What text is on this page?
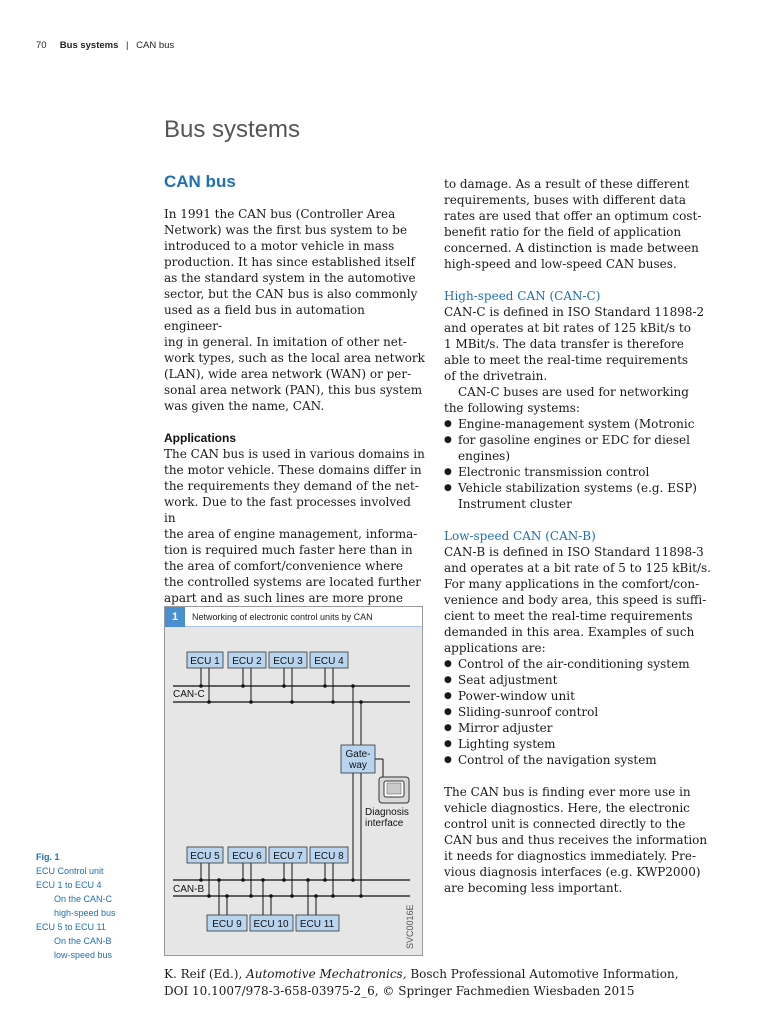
70 Bus systems | CAN bus
Bus systems
CAN bus

In 1991 the CAN bus (Controller Area

Network) was the first bus system to be

introduced to a motor vehicle in mass

production. It has since established itself

as the standard system in the automotive

sector, but the CAN bus is also commonly

used as a field bus in automation engineer-

ing in general. In imitation of other net-

work types, such as the local area network

(LAN), wide area network (WAN) or per-

sonal area network (PAN), this bus system

was given the name, CAN.

Applications

The CAN bus is used in various domains in

the motor vehicle. These domains differ in

the requirements they demand of the net-

work. Due to the fast processes involved in

the area of engine management, informa-

tion is required much faster here than in

the area of comfort/convenience where

the controlled systems are located further

apart and as such lines are more prone

to damage. As a result of these different

requirements, buses with different data

rates are used that offer an optimum cost-

benefit ratio for the field of application

concerned. A distinction is made between

high-speed and low-speed CAN buses.

High-speed CAN (CAN-C)

CAN-C is defined in ISO Standard 11898-2

and operates at bit rates of 125 kBit/s to

1 MBit/s. The data transfer is therefore

able to meet the real-time requirements

of the drivetrain.

CAN-C buses are used for networking

the following systems:

● Engine-management system (Motronic
● for gasoline engines or EDC for diesel
engines)
● Electronic transmission control
● Vehicle stabilization systems (e.g. ESP)
Instrument cluster
Low-speed CAN (CAN-B)

CAN-B is defined in ISO Standard 11898-3

and operates at a bit rate of 5 to 125 kBit/s.

For many applications in the comfort/con-

venience and body area, this speed is suffi-

cient to meet the real-time requirements

demanded in this area. Examples of such

applications are:

● Control of the air-conditioning system
● Seat adjustment
● Power-window unit
● Sliding-sunroof control
● Mirror adjuster
● Lighting system
● Control of the navigation system

The CAN bus is finding ever more use in

vehicle diagnostics. Here, the electronic

control unit is connected directly to the

CAN bus and thus receives the information

it needs for diagnostics immediately. Pre-

vious diagnosis interfaces (e.g. KWP2000)

are becoming less important.

ECU 1 ECU 2 ECU 3 ECU 4
CAN-C
Gate-
way
Diagnosis
interface
ECU 5 ECU 6 ECU 7 ECU 8
CAN-B
ECU 9 ECU 10 ECU 11	SVC0016E
1	Networking of electronic control units by CAN
Fig. 1
ECU Control unit
ECU 1 to ECU 4
On the CAN-C
high-speed bus
ECU 5 to ECU 11
On the CAN-B
low-speed bus
K. Reif (Ed.), Automotive Mechatronics, Bosch Professional Automotive Information,
DOI 10.1007/978-3-658-03975-2_6, © Springer Fachmedien Wiesbaden 2015
